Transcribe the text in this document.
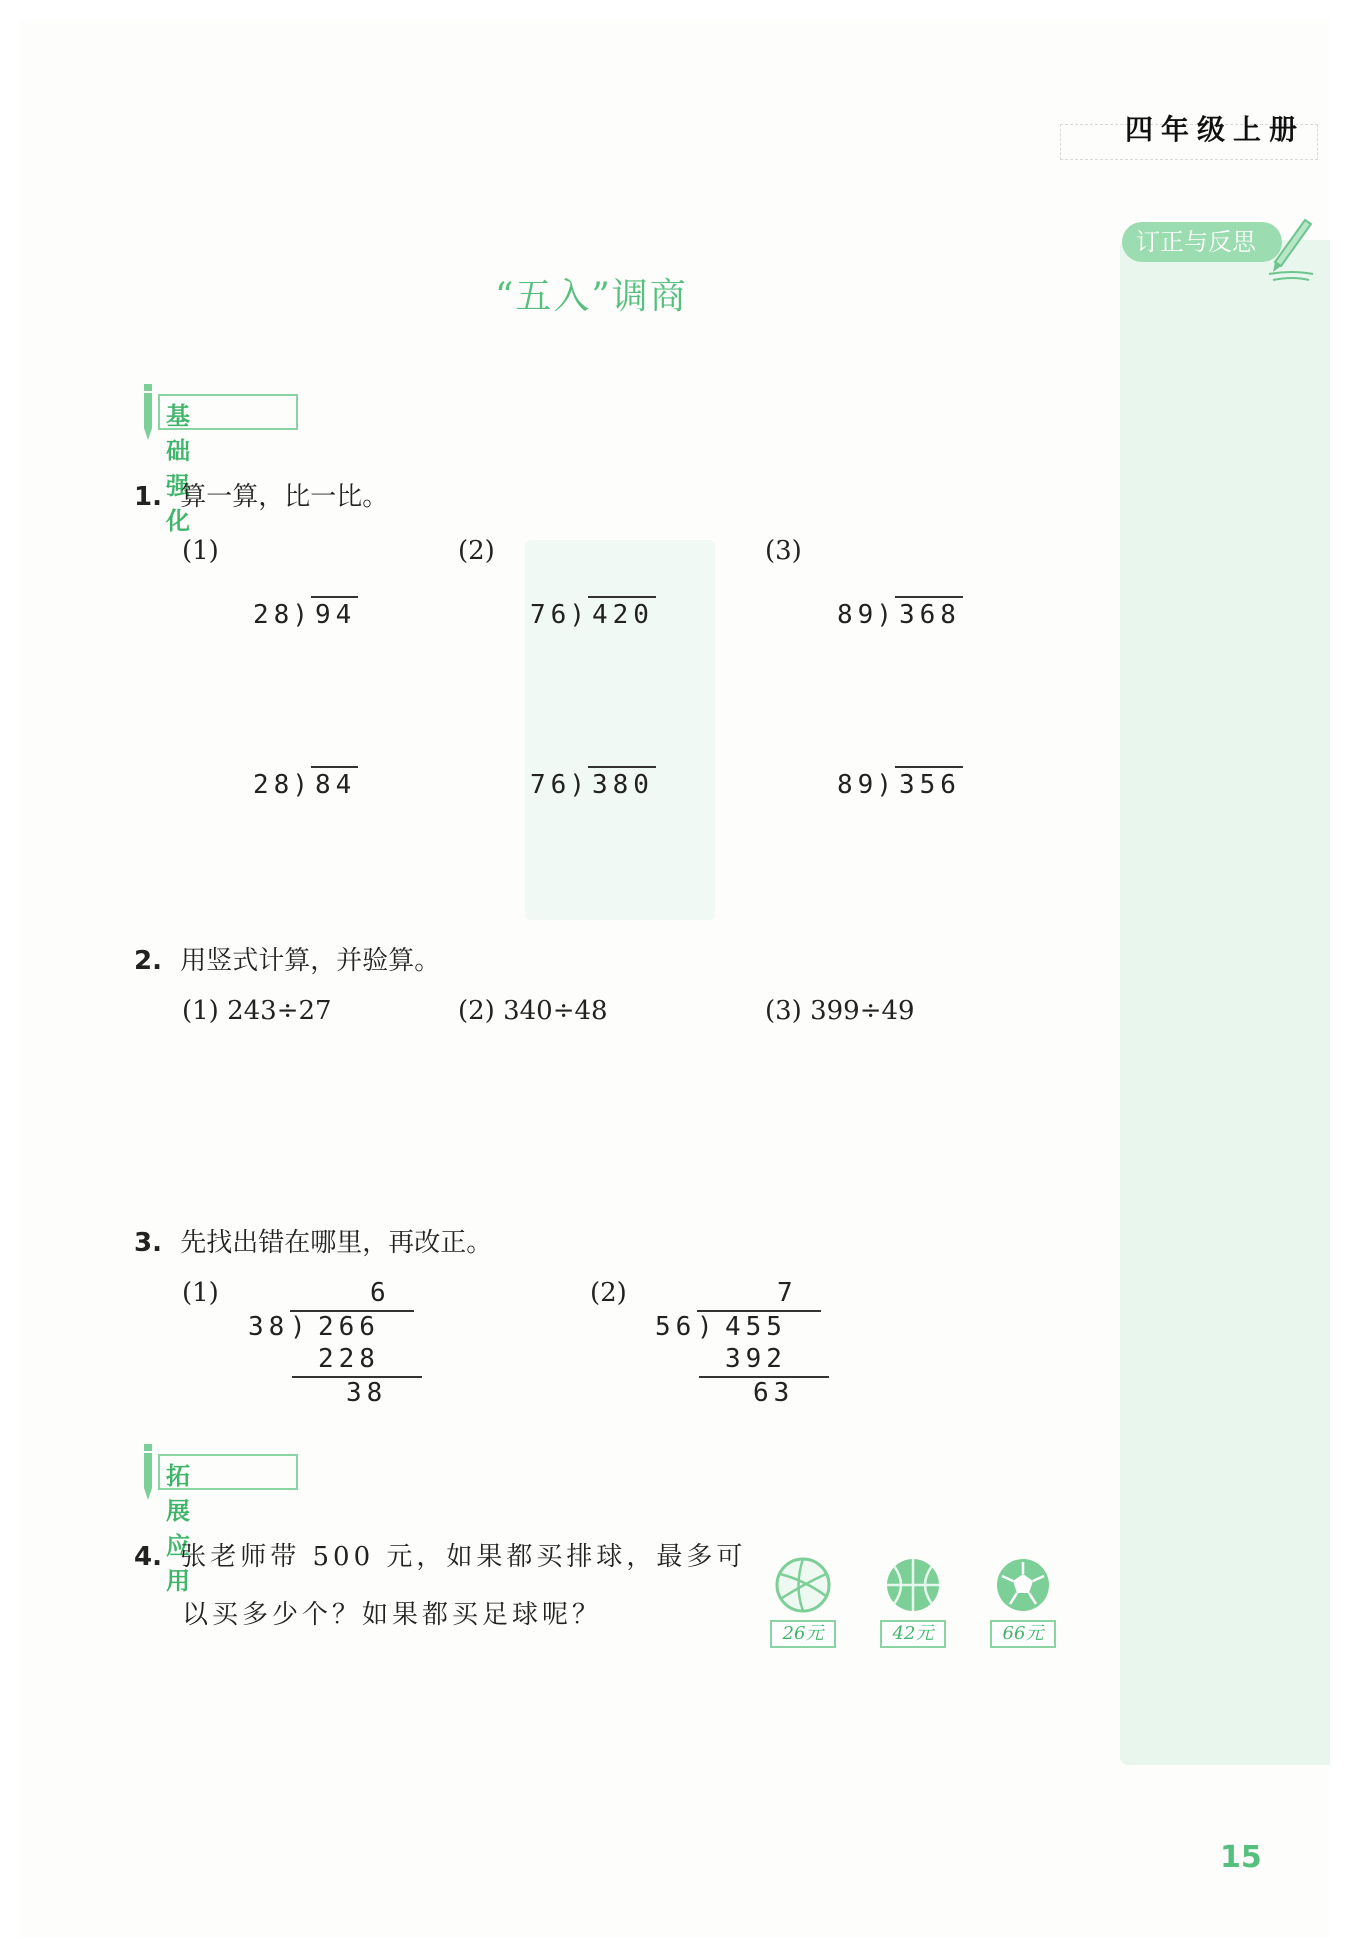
四年级上册
订正与反思
“五入”调商
基础强化
1. 算一算，比一比。
(1)	(2)	(3)
28)94	76)420	89)368
28)84	76)380	89)356
2. 用竖式计算，并验算。
(1) 243÷27	(2) 340÷48	(3) 399÷49
3. 先找出错在哪里，再改正。
(1)	6
38 ) 266
228
38
(2)	7
56 ) 455
392
63
拓展应用
4. 张老师带 500 元，如果都买排球，最多可
以买多少个？如果都买足球呢？
26元	42元	66元
15
